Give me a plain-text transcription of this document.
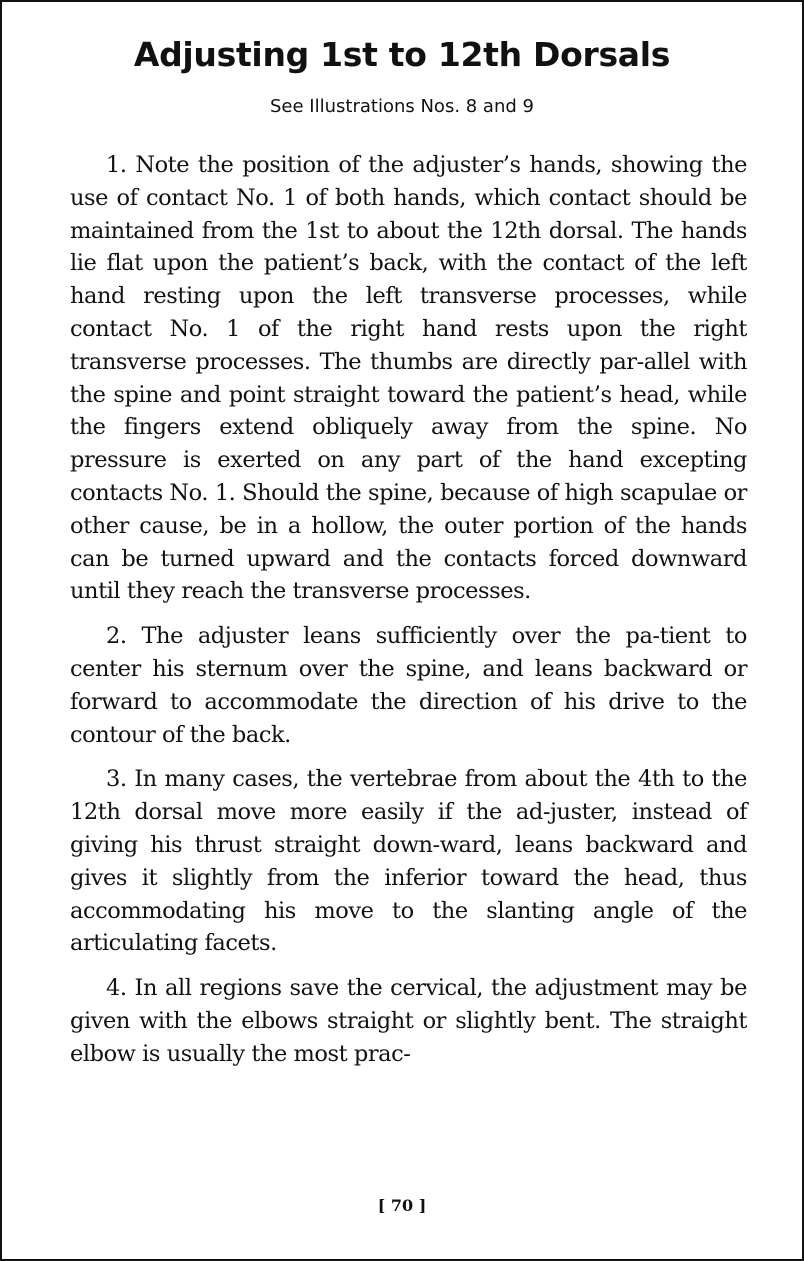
Adjusting 1st to 12th Dorsals

See Illustrations Nos. 8 and 9

1. Note the position of the adjuster’s hands, showing the use of contact No. 1 of both hands, which contact should be maintained from the 1st to about the 12th dorsal. The hands lie flat upon the patient’s back, with the contact of the left hand resting upon the left transverse processes, while contact No. 1 of the right hand rests upon the right transverse processes. The thumbs are directly par-allel with the spine and point straight toward the patient’s head, while the fingers extend obliquely away from the spine. No pressure is exerted on any part of the hand excepting contacts No. 1. Should the spine, because of high scapulae or other cause, be in a hollow, the outer portion of the hands can be turned upward and the contacts forced downward until they reach the transverse processes.

2. The adjuster leans sufficiently over the pa-tient to center his sternum over the spine, and leans backward or forward to accommodate the direction of his drive to the contour of the back.

3. In many cases, the vertebrae from about the 4th to the 12th dorsal move more easily if the ad-juster, instead of giving his thrust straight down-ward, leans backward and gives it slightly from the inferior toward the head, thus accommodating his move to the slanting angle of the articulating facets.

4. In all regions save the cervical, the adjustment may be given with the elbows straight or slightly bent. The straight elbow is usually the most prac-

[ 70 ]
